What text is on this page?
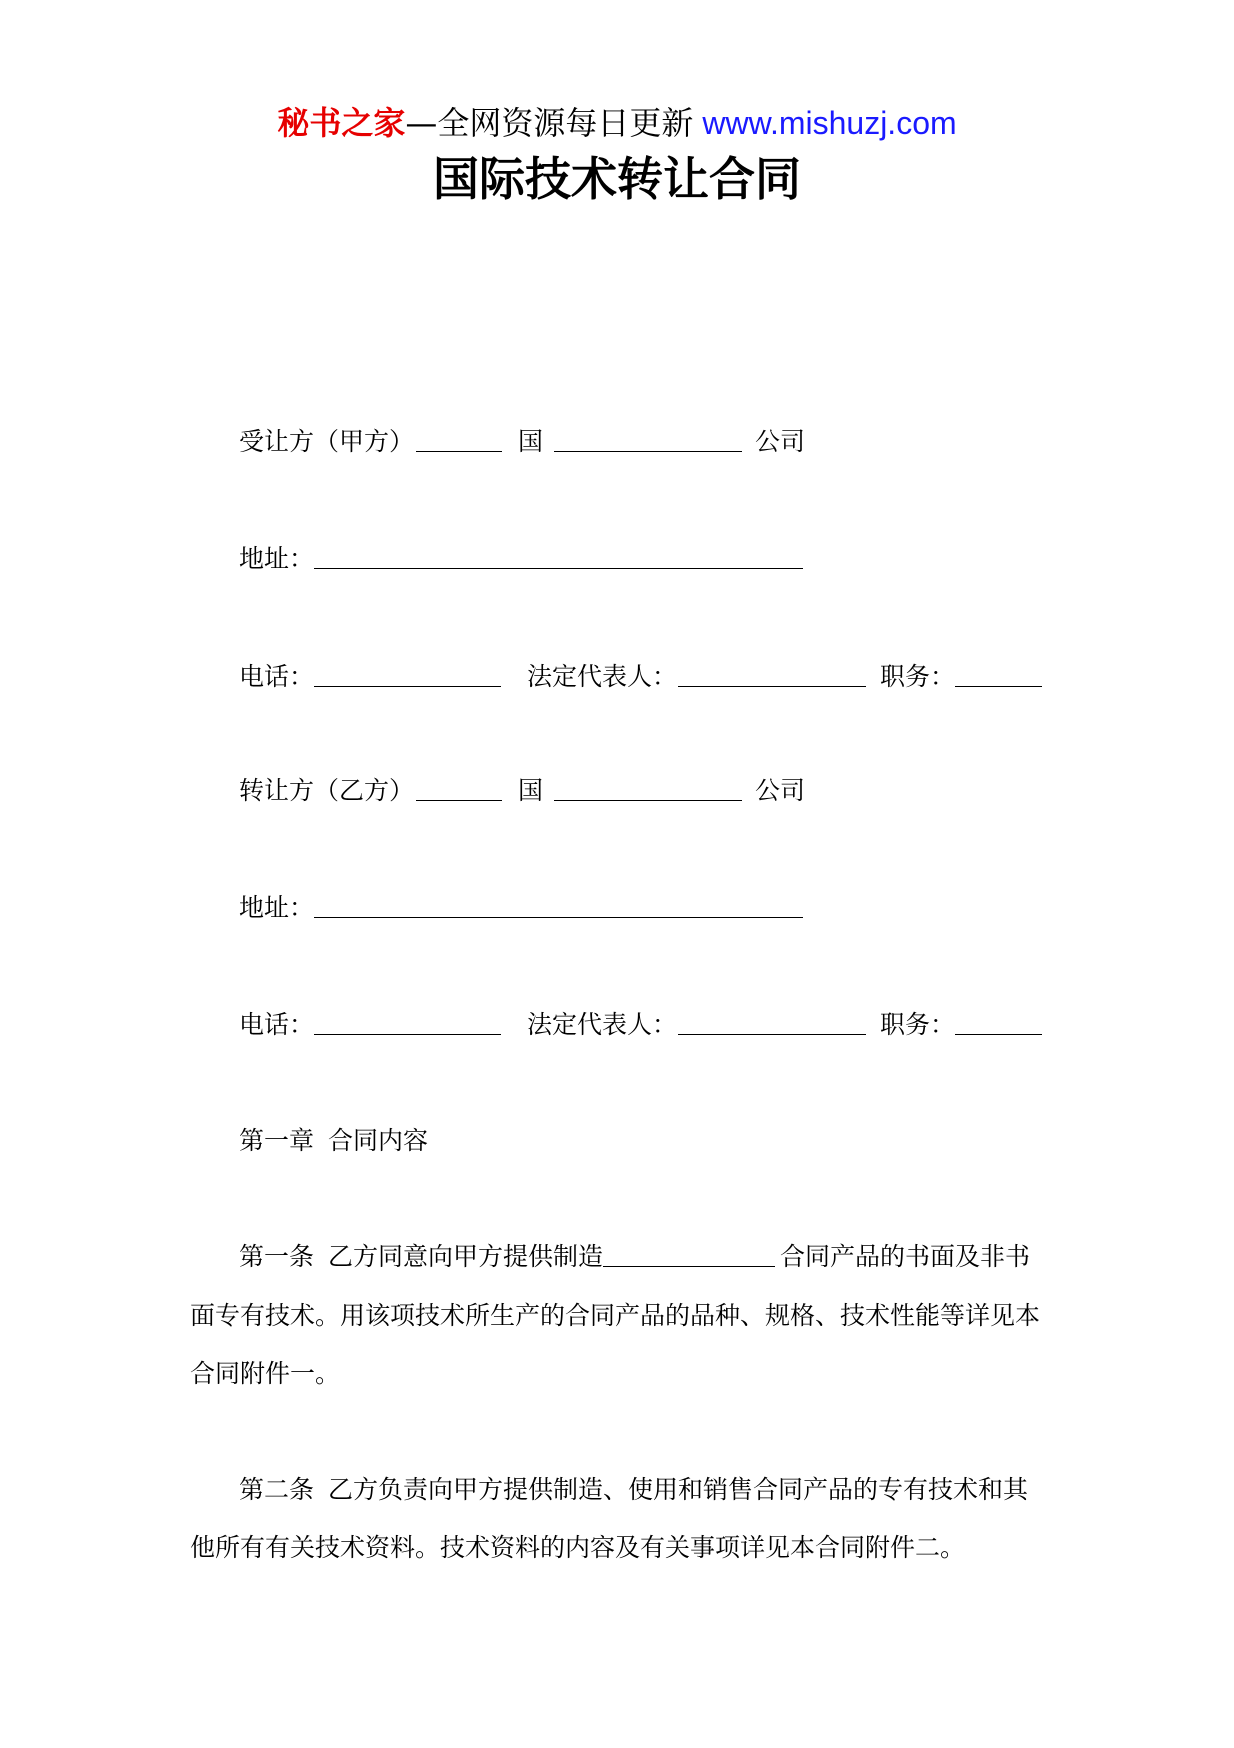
秘书之家 —全网资源每日更新 www.mishuzj.com
国际技术转让合同
受让方（甲方）	国	公司
地址：
电话：	法定代表人：	职务：
转让方（乙方）	国	公司
地址：
电话：	法定代表人：	职务：
第一章 合同内容
第一条 乙方同意向甲方提供制造	合同产品的书面及非书
面专有技术。用该项技术所生产的合同产品的品种、规格、技术性能等详见本
合同附件一。
第二条 乙方负责向甲方提供制造、使用和销售合同产品的专有技术和其
他所有有关技术资料。技术资料的内容及有关事项详见本合同附件二。
